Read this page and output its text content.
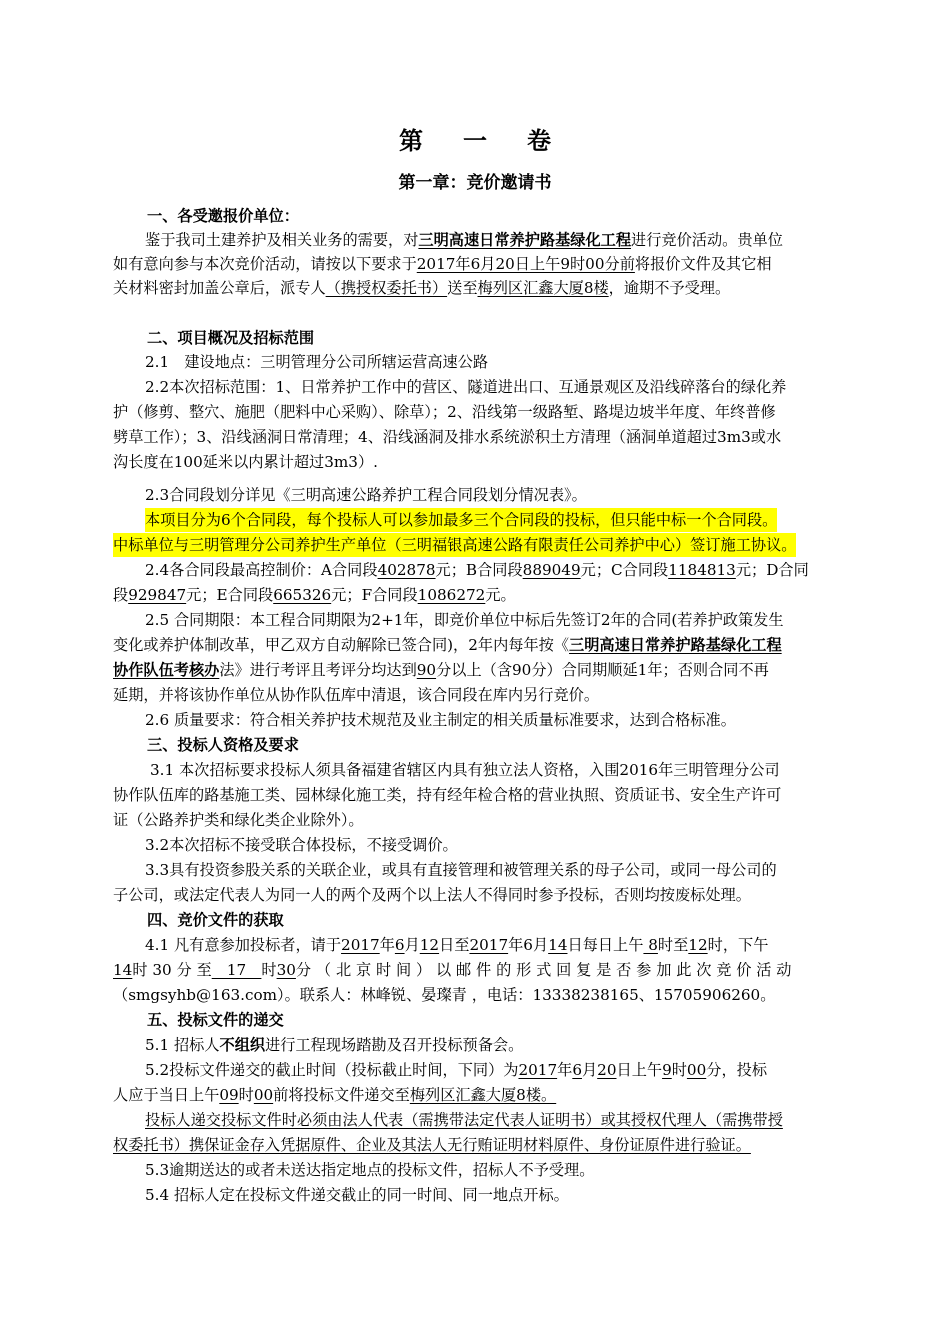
第 一 卷
第一章：竞价邀请书
一、各受邀报价单位：
鉴于我司土建养护及相关业务的需要，对三明高速日常养护路基绿化工程进行竞价活动。贵单位
如有意向参与本次竞价活动，请按以下要求于2017年6月20日上午9时00分前将报价文件及其它相
关材料密封加盖公章后，派专人（携授权委托书）送至梅列区汇鑫大厦8楼，逾期不予受理。
二、项目概况及招标范围
2.1　建设地点：三明管理分公司所辖运营高速公路
2.2本次招标范围：1、日常养护工作中的营区、隧道进出口、互通景观区及沿线碎落台的绿化养
护（修剪、整穴、施肥（肥料中心采购）、除草）；2、沿线第一级路堑、路堤边坡半年度、年终普修
劈草工作）；3、沿线涵洞日常清理；4、沿线涵洞及排水系统淤积土方清理（涵洞单道超过3m3或水
沟长度在100延米以内累计超过3m3）.
2.3合同段划分详见《三明高速公路养护工程合同段划分情况表》。
本项目分为6个合同段，每个投标人可以参加最多三个合同段的投标，但只能中标一个合同段。
中标单位与三明管理分公司养护生产单位（三明福银高速公路有限责任公司养护中心）签订施工协议。
2.4各合同段最高控制价：A合同段402878元；B合同段889049元；C合同段1184813元；D合同
段929847元；E合同段665326元；F合同段1086272元。
2.5 合同期限：本工程合同期限为2+1年，即竞价单位中标后先签订2年的合同(若养护政策发生
变化或养护体制改革，甲乙双方自动解除已签合同)，2年内每年按《三明高速日常养护路基绿化工程
协作队伍考核办法》进行考评且考评分均达到90分以上（含90分）合同期顺延1年；否则合同不再
延期，并将该协作单位从协作队伍库中清退，该合同段在库内另行竞价。
2.6 质量要求：符合相关养护技术规范及业主制定的相关质量标准要求，达到合格标准。
三、投标人资格及要求
3.1 本次招标要求投标人须具备福建省辖区内具有独立法人资格，入围2016年三明管理分公司
协作队伍库的路基施工类、园林绿化施工类，持有经年检合格的营业执照、资质证书、安全生产许可
证（公路养护类和绿化类企业除外）。
3.2本次招标不接受联合体投标，不接受调价。
3.3具有投资参股关系的关联企业，或具有直接管理和被管理关系的母子公司，或同一母公司的
子公司，或法定代表人为同一人的两个及两个以上法人不得同时参予投标，否则均按废标处理。
四、竞价文件的获取
4.1 凡有意参加投标者，请于2017年6月12日至2017年6月14日每日上午 8时至12时，下午
14时 30 分 至　17　时30分 （ 北 京 时 间 ） 以 邮 件 的 形 式 回 复 是 否 参 加 此 次 竞 价 活 动
（smgsyhb@163.com）。联系人：林峰锐、晏璨青 ，电话：13338238165、15705906260。
五、投标文件的递交
5.1 招标人不组织进行工程现场踏勘及召开投标预备会。
5.2投标文件递交的截止时间（投标截止时间，下同）为2017年6月20日上午9时00分，投标
人应于当日上午09时00前将投标文件递交至梅列区汇鑫大厦8楼。
投标人递交投标文件时必须由法人代表（需携带法定代表人证明书）或其授权代理人（需携带授
权委托书）携保证金存入凭据原件、企业及其法人无行贿证明材料原件、身份证原件进行验证。
5.3逾期送达的或者未送达指定地点的投标文件，招标人不予受理。
5.4 招标人定在投标文件递交截止的同一时间、同一地点开标。
